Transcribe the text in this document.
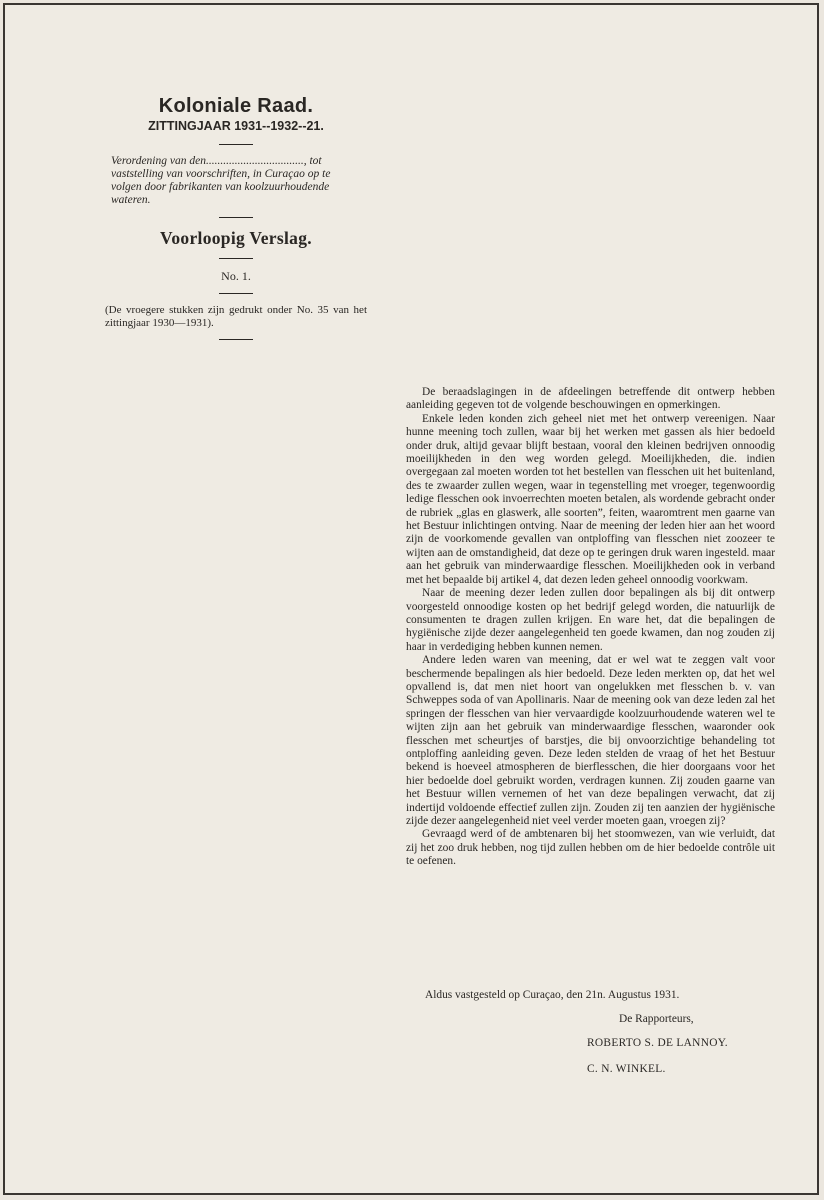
Koloniale Raad.
ZITTINGJAAR 1931--1932--21.
Verordening van den.................................., tot vaststelling van voorschriften, in Curaçao op te volgen door fabrikanten van koolzuurhoudende wateren.
Voorloopig Verslag.
No. 1.
(De vroegere stukken zijn gedrukt onder No. 35 van het zittingjaar 1930—1931).

De beraadslagingen in de afdeelingen betreffende dit ontwerp hebben aanleiding gegeven tot de volgende beschouwingen en opmerkingen.

Enkele leden konden zich geheel niet met het ontwerp vereenigen. Naar hunne meening toch zullen, waar bij het werken met gassen als hier bedoeld onder druk, altijd gevaar blijft bestaan, vooral den kleinen bedrijven onnoodig moeilijkheden in den weg worden gelegd. Moeilijkheden, die. indien overgegaan zal moeten worden tot het bestellen van flesschen uit het buitenland, des te zwaarder zullen wegen, waar in tegenstelling met vroeger, tegenwoordig ledige flesschen ook invoerrechten moeten betalen, als wordende gebracht onder de rubriek „glas en glaswerk, alle soorten”, feiten, waaromtrent men gaarne van het Bestuur inlichtingen ontving. Naar de meening der leden hier aan het woord zijn de voorkomende gevallen van ontploffing van flesschen niet zoozeer te wijten aan de omstandigheid, dat deze op te geringen druk waren ingesteld. maar aan het gebruik van minderwaardige flesschen. Moeilijkheden ook in verband met het bepaalde bij artikel 4, dat dezen leden geheel onnoodig voorkwam.

Naar de meening dezer leden zullen door bepalingen als bij dit ontwerp voorgesteld onnoodige kosten op het bedrijf gelegd worden, die natuurlijk de consumenten te dragen zullen krijgen. En ware het, dat die bepalingen de hygiënische zijde dezer aangelegenheid ten goede kwamen, dan nog zouden zij haar in verdediging hebben kunnen nemen.

Andere leden waren van meening, dat er wel wat te zeggen valt voor beschermende bepalingen als hier bedoeld. Deze leden merkten op, dat het wel opvallend is, dat men niet hoort van ongelukken met flesschen b. v. van Schweppes soda of van Apollinaris. Naar de meening ook van deze leden zal het springen der flesschen van hier vervaardigde koolzuurhoudende wateren wel te wijten zijn aan het gebruik van minderwaardige flesschen, waaronder ook flesschen met scheurtjes of barstjes, die bij onvoorzichtige behandeling tot ontploffing aanleiding geven. Deze leden stelden de vraag of het het Bestuur bekend is hoeveel atmospheren de bierflesschen, die hier doorgaans voor het hier bedoelde doel gebruikt worden, verdragen kunnen. Zij zouden gaarne van het Bestuur willen vernemen of het van deze bepalingen verwacht, dat zij indertijd voldoende effectief zullen zijn. Zouden zij ten aanzien der hygiënische zijde dezer aangelegenheid niet veel verder moeten gaan, vroegen zij?

Gevraagd werd of de ambtenaren bij het stoomwezen, van wie verluidt, dat zij het zoo druk hebben, nog tijd zullen hebben om de hier bedoelde contrôle uit te oefenen.

Aldus vastgesteld op Curaçao, den 21n. Augustus 1931.
De Rapporteurs,
ROBERTO S. DE LANNOY.
C. N. WINKEL.
